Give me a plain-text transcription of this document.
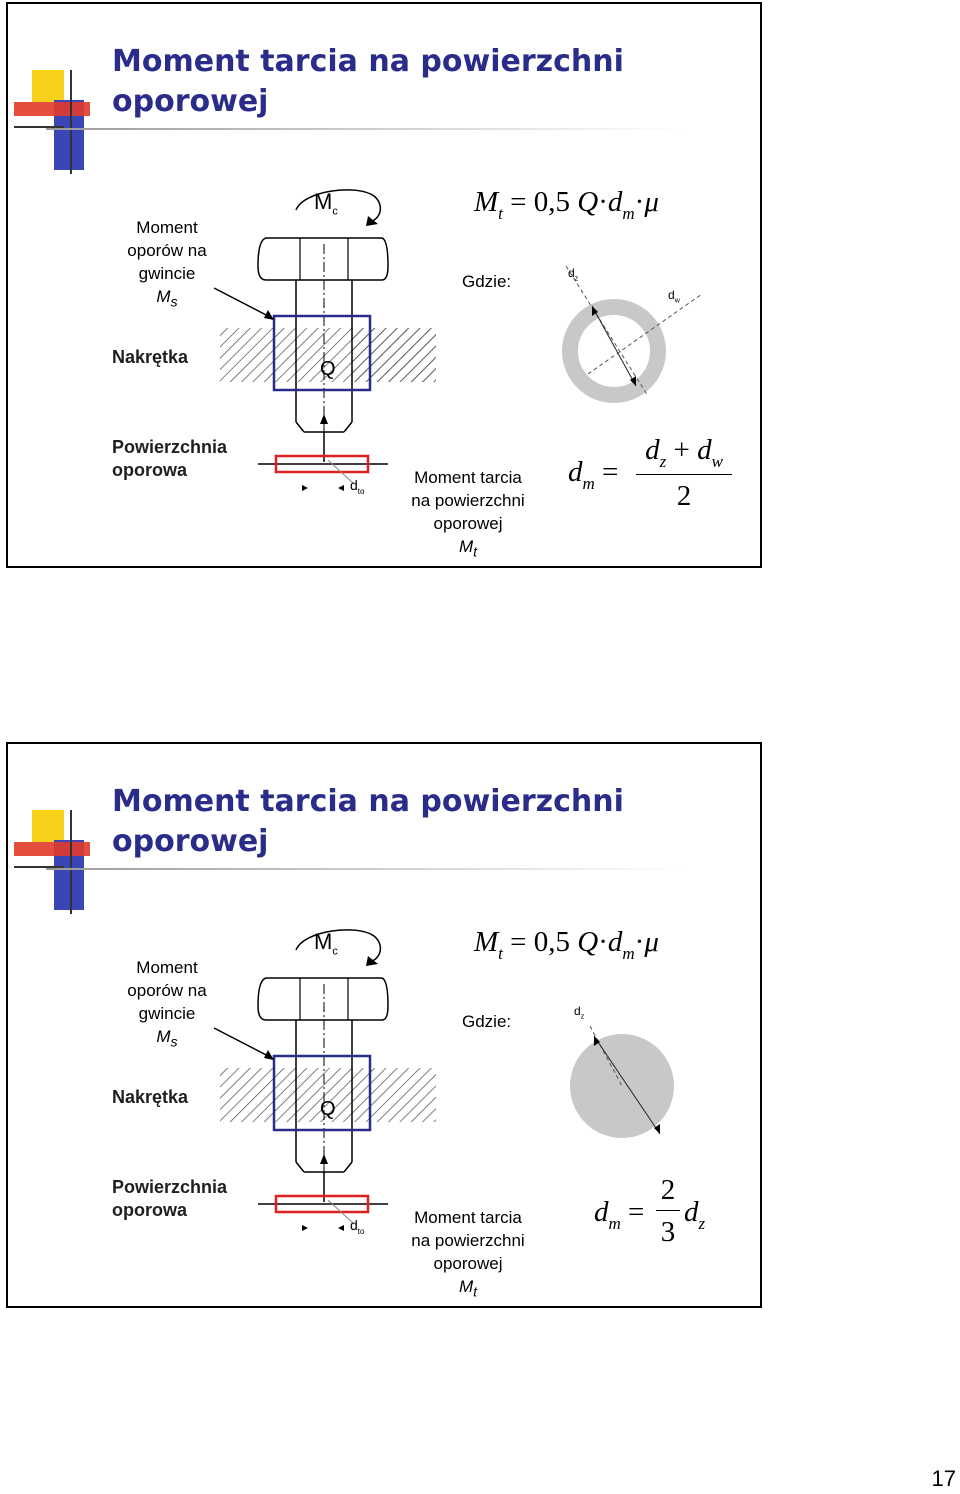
Moment tarcia na powierzchni oporowej
Moment
oporów na
gwincie
$M_s$
Nakrętka
Powierzchnia
oporowa	Moment tarcia
na powierzchni
oporowej
$M_t$
Gdzie:
$M_c$
Q
$d_{to}$
$d_z$
$d_w$
$M_t = 0,5$ $Q\cdot d_m\cdot\mu$
$d_m$ =
$d_z + d_w$
2
Moment tarcia na powierzchni oporowej
Moment
oporów na
gwincie
$M_s$
Nakrętka
Powierzchnia
oporowa	Moment tarcia
na powierzchni
oporowej
$M_t$
Gdzie:
$M_c$
Q
$d_{to}$
$d_z$
$M_t = 0,5$ $Q\cdot d_m\cdot\mu$
$d_m$ =
2
3
$d_z$
17
